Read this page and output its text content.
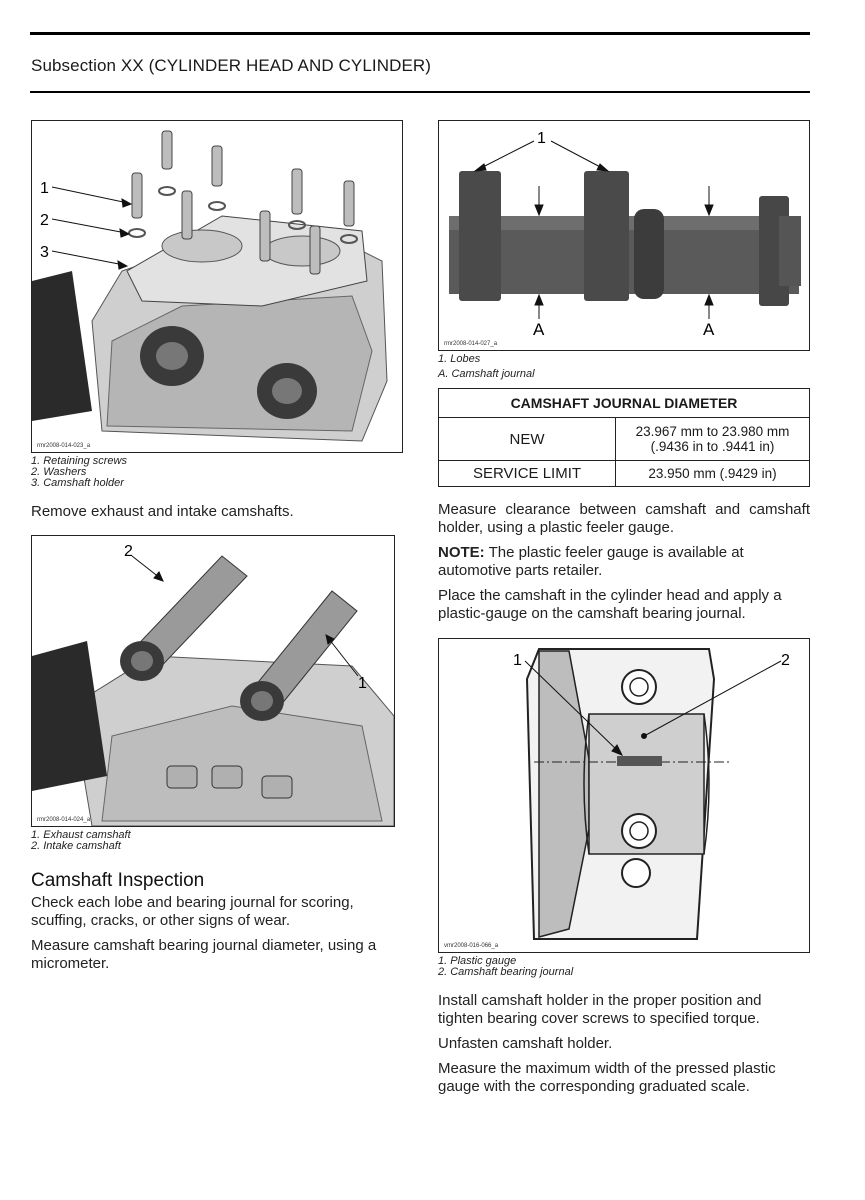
Subsection XX (CYLINDER HEAD AND CYLINDER)
1
2
3
rmr2008-014-023_a
1. Retaining screws
2. Washers
3. Camshaft holder

Remove exhaust and intake camshafts.

2
1
rmr2008-014-024_a
1. Exhaust camshaft
2. Intake camshaft
Camshaft Inspection

Check each lobe and bearing journal for scoring, scuffing, cracks, or other signs of wear.

Measure camshaft bearing journal diameter, using a micrometer.

1
A	A
rmr2008-014-027_a
1. Lobes
A. Camshaft journal
CAMSHAFT JOURNAL DIAMETER	
NEW	23.967 mm to 23.980 mm
(.9436 in to .9441 in)

SERVICE LIMIT	23.950 mm (.9429 in)

Measure clearance between camshaft and camshaft holder, using a plastic feeler gauge.

NOTE: The plastic feeler gauge is available at automotive parts retailer.

Place the camshaft in the cylinder head and apply a plastic-gauge on the camshaft bearing journal.

1	2
vmr2008-016-066_a
1. Plastic gauge
2. Camshaft bearing journal

Install camshaft holder in the proper position and tighten bearing cover screws to specified torque.

Unfasten camshaft holder.

Measure the maximum width of the pressed plastic gauge with the corresponding graduated scale.
